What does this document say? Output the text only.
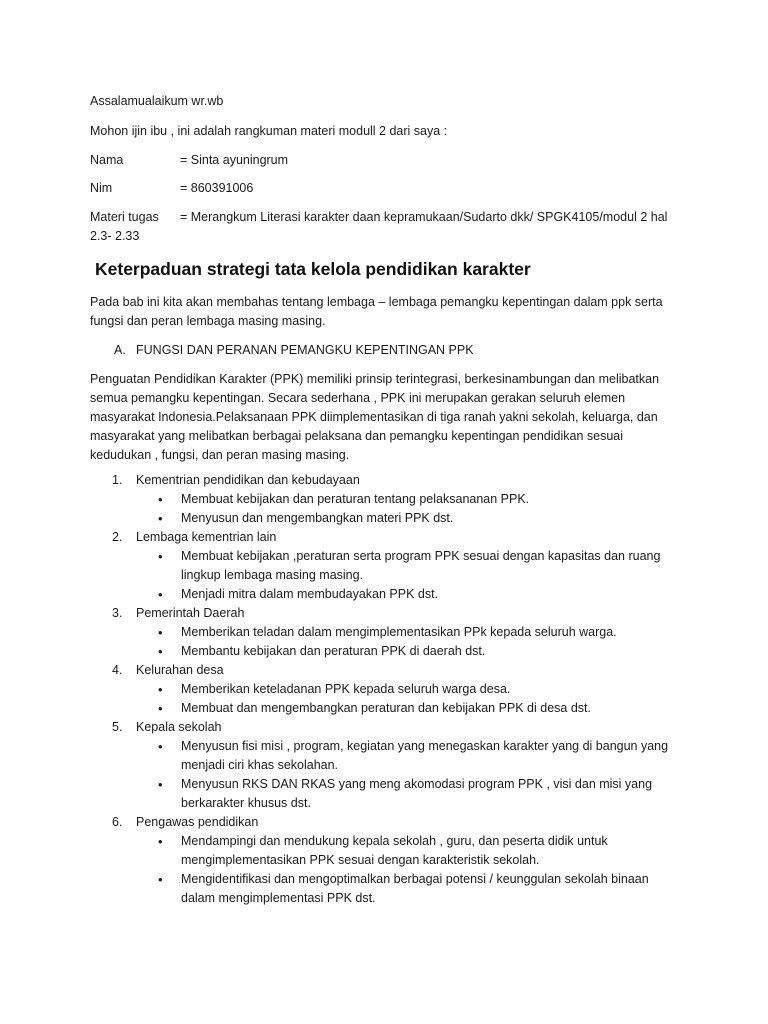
Assalamualaikum wr.wb
Mohon ijin ibu , ini adalah rangkuman materi modull 2 dari saya :
Nama	= Sinta ayuningrum
Nim	= 860391006
Materi tugas = Merangkum Literasi karakter daan kepramukaan/Sudarto dkk/ SPGK4105/modul 2 hal
2.3- 2.33
Keterpaduan strategi tata kelola pendidikan karakter
Pada bab ini kita akan membahas tentang lembaga – lembaga pemangku kepentingan dalam ppk serta
fungsi dan peran lembaga masing masing.
A. FUNGSI DAN PERANAN PEMANGKU KEPENTINGAN PPK
Penguatan Pendidikan Karakter (PPK) memiliki prinsip terintegrasi, berkesinambungan dan melibatkan
semua pemangku kepentingan. Secara sederhana , PPK ini merupakan gerakan seluruh elemen
masyarakat Indonesia.Pelaksanaan PPK diimplementasikan di tiga ranah yakni sekolah, keluarga, dan
masyarakat yang melibatkan berbagai pelaksana dan pemangku kepentingan pendidikan sesuai
kedudukan , fungsi, dan peran masing masing.
1. Kementrian pendidikan dan kebudayaan
• Membuat kebijakan dan peraturan tentang pelaksananan PPK.
• Menyusun dan mengembangkan materi PPK dst.
2. Lembaga kementrian lain
• Membuat kebijakan ,peraturan serta program PPK sesuai dengan kapasitas dan ruang
lingkup lembaga masing masing.
• Menjadi mitra dalam membudayakan PPK dst.
3. Pemerintah Daerah
• Memberikan teladan dalam mengimplementasikan PPk kepada seluruh warga.
• Membantu kebijakan dan peraturan PPK di daerah dst.
4. Kelurahan desa
• Memberikan keteladanan PPK kepada seluruh warga desa.
• Membuat dan mengembangkan peraturan dan kebijakan PPK di desa dst.
5. Kepala sekolah
• Menyusun fisi misi , program, kegiatan yang menegaskan karakter yang di bangun yang
menjadi ciri khas sekolahan.
• Menyusun RKS DAN RKAS yang meng akomodasi program PPK , visi dan misi yang
berkarakter khusus dst.
6. Pengawas pendidikan
• Mendampingi dan mendukung kepala sekolah , guru, dan peserta didik untuk
mengimplementasikan PPK sesuai dengan karakteristik sekolah.
• Mengidentifikasi dan mengoptimalkan berbagai potensi / keunggulan sekolah binaan
dalam mengimplementasi PPK dst.
